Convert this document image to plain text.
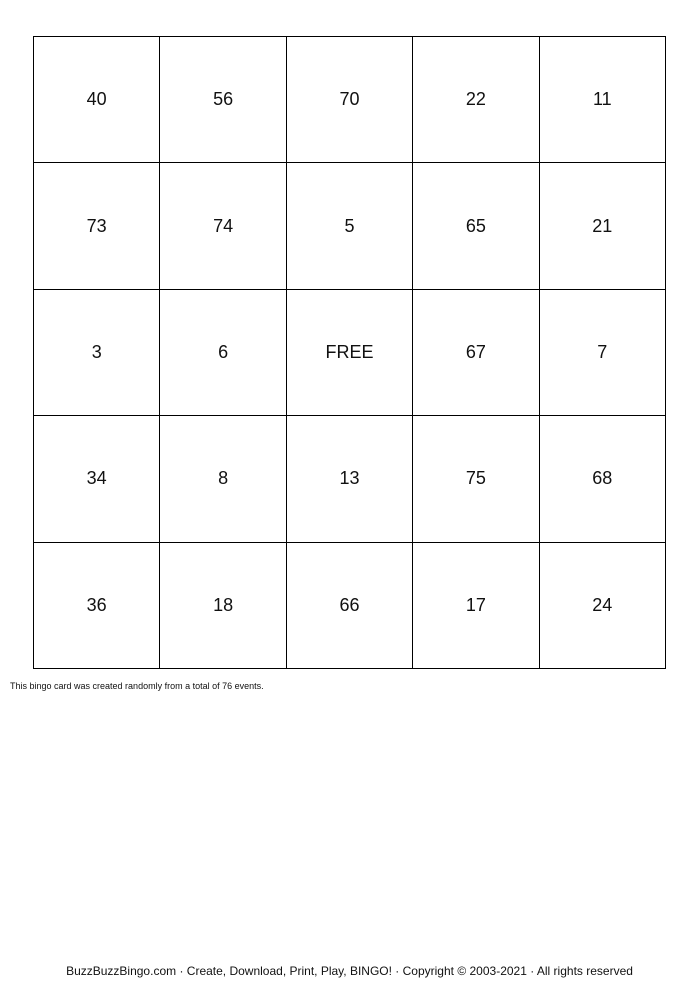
40	56	70	22	11
73	74	5	65	21
3	6	FREE	67	7
34	8	13	75	68
36	18	66	17	24
This bingo card was created randomly from a total of 76 events.
BuzzBuzzBingo.com · Create, Download, Print, Play, BINGO! · Copyright © 2003-2021 · All rights reserved
